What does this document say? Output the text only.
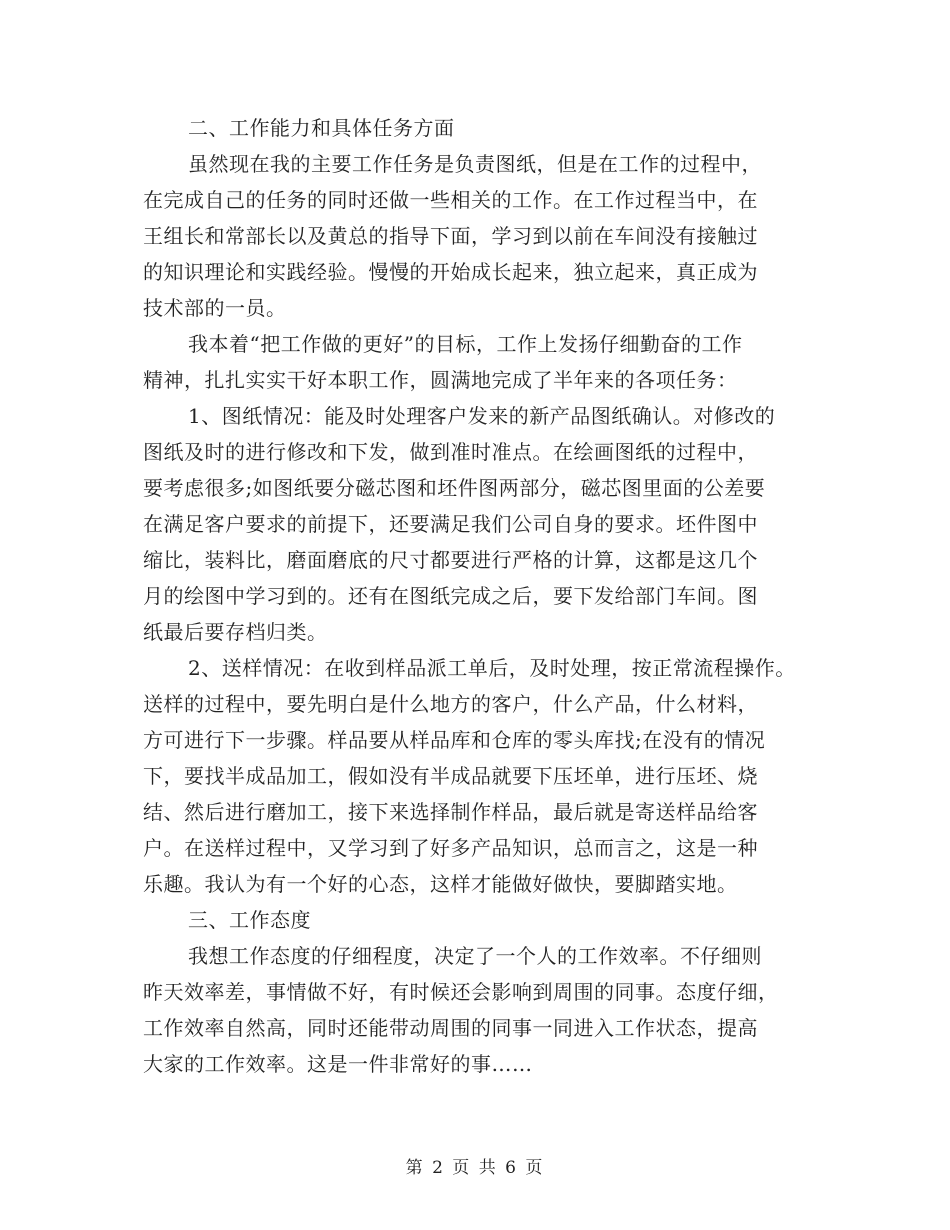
二、工作能力和具体任务方面
虽然现在我的主要工作任务是负责图纸，但是在工作的过程中，
在完成自己的任务的同时还做一些相关的工作。在工作过程当中，在
王组长和常部长以及黄总的指导下面，学习到以前在车间没有接触过
的知识理论和实践经验。慢慢的开始成长起来，独立起来，真正成为
技术部的一员。
我本着“把工作做的更好”的目标，工作上发扬仔细勤奋的工作
精神，扎扎实实干好本职工作，圆满地完成了半年来的各项任务：
1、图纸情况：能及时处理客户发来的新产品图纸确认。对修改的
图纸及时的进行修改和下发，做到准时准点。在绘画图纸的过程中，
要考虑很多;如图纸要分磁芯图和坯件图两部分，磁芯图里面的公差要
在满足客户要求的前提下，还要满足我们公司自身的要求。坯件图中
缩比，装料比，磨面磨底的尺寸都要进行严格的计算，这都是这几个
月的绘图中学习到的。还有在图纸完成之后，要下发给部门车间。图
纸最后要存档归类。
2、送样情况：在收到样品派工单后，及时处理，按正常流程操作。
送样的过程中，要先明白是什么地方的客户，什么产品，什么材料，
方可进行下一步骤。样品要从样品库和仓库的零头库找;在没有的情况
下，要找半成品加工，假如没有半成品就要下压坯单，进行压坯、烧
结、然后进行磨加工，接下来选择制作样品，最后就是寄送样品给客
户。在送样过程中，又学习到了好多产品知识，总而言之，这是一种
乐趣。我认为有一个好的心态，这样才能做好做快，要脚踏实地。
三、工作态度
我想工作态度的仔细程度，决定了一个人的工作效率。不仔细则
昨天效率差，事情做不好，有时候还会影响到周围的同事。态度仔细，
工作效率自然高，同时还能带动周围的同事一同进入工作状态，提高
大家的工作效率。这是一件非常好的事……
第 2 页 共 6 页
